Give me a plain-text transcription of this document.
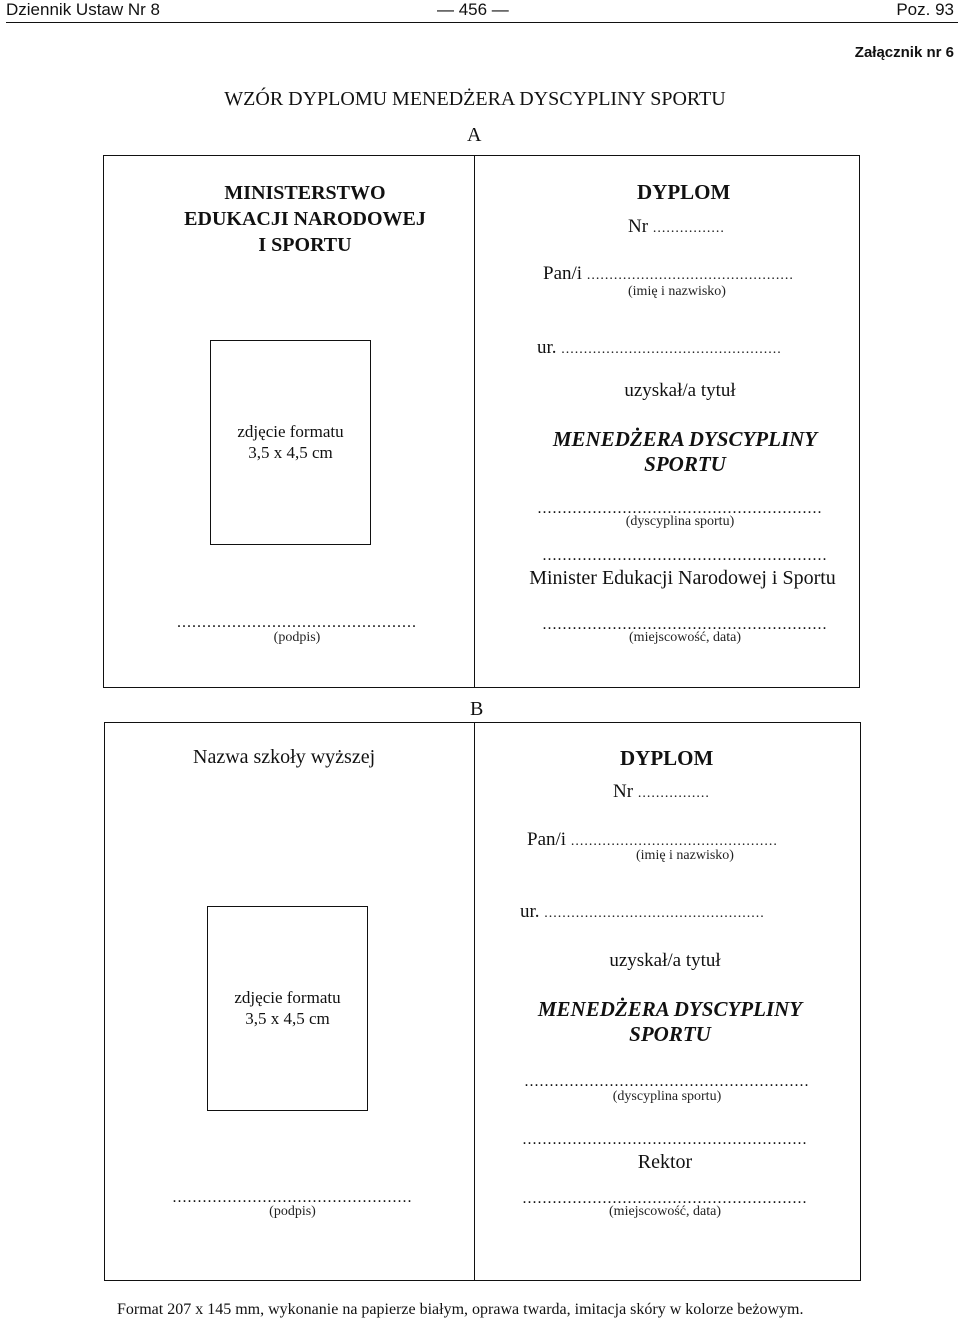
Dziennik Ustaw Nr 8	— 456 —	Poz. 93
Załącznik nr 6
WZÓR DYPLOMU MENEDŻERA DYSCYPLINY SPORTU
A
MINISTERSTWO
EDUKACJI NARODOWEJ
I SPORTU
zdjęcie formatu
3,5 x 4,5 cm
................................................
(podpis)
DYPLOM
Nr ................
Pan/i ..............................................
(imię i nazwisko)
ur. .................................................
uzyskał/a tytuł
MENEDŻERA DYSCYPLINY
SPORTU
.........................................................
(dyscyplina sportu)
.........................................................
Minister Edukacji Narodowej i Sportu
.........................................................
(miejscowość, data)
B
Nazwa szkoły wyższej
zdjęcie formatu
3,5 x 4,5 cm
................................................
(podpis)
DYPLOM
Nr ................
Pan/i ..............................................
(imię i nazwisko)
ur. .................................................
uzyskał/a tytuł
MENEDŻERA DYSCYPLINY
SPORTU
.........................................................
(dyscyplina sportu)
.........................................................
Rektor
.........................................................
(miejscowość, data)
Format 207 x 145 mm, wykonanie na papierze białym, oprawa twarda, imitacja skóry w kolorze beżowym.
